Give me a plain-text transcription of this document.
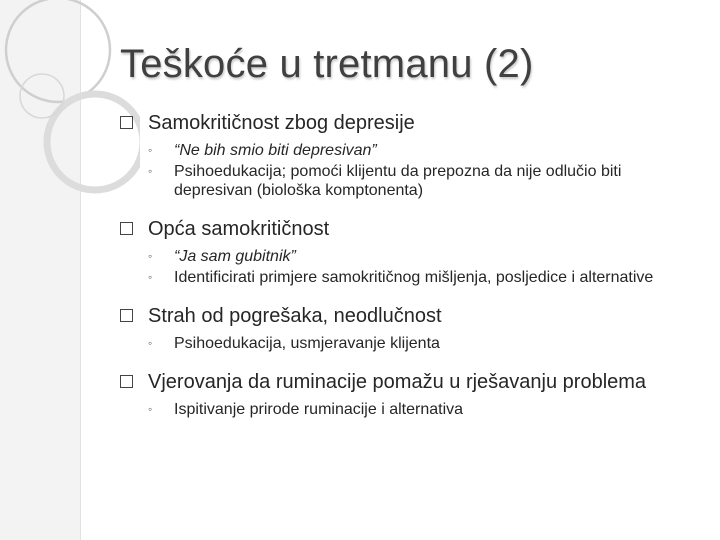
Teškoće u tretmanu (2)
Samokritičnost zbog depresije
◦ “Ne bih smio biti depresivan”
◦ Psihoedukacija; pomoći klijentu da prepozna da nije odlučio biti depresivan (biološka komptonenta)
Opća samokritičnost
◦ “Ja sam gubitnik”
◦ Identificirati primjere samokritičnog mišljenja, posljedice i alternative
Strah od pogrešaka, neodlučnost
◦ Psihoedukacija, usmjeravanje klijenta
Vjerovanja da ruminacije pomažu u rješavanju problema
◦ Ispitivanje prirode ruminacije i alternativa
